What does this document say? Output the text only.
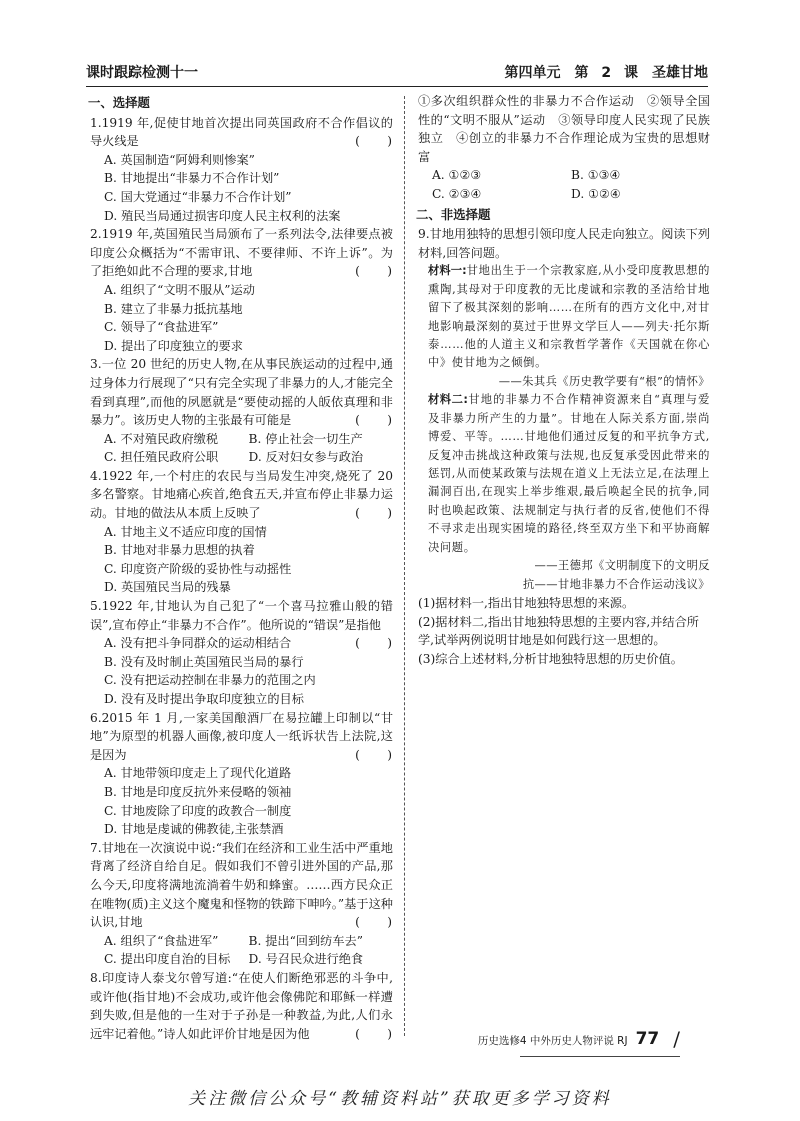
课时跟踪检测十一	第四单元　第 2 课　圣雄甘地
一、选择题
1.1919 年,促使甘地首次提出同英国政府不合作倡议的导火线是	(　　)
A. 英国制造“阿姆利则惨案”
B. 甘地提出“非暴力不合作计划”
C. 国大党通过“非暴力不合作计划”
D. 殖民当局通过损害印度人民主权利的法案
2.1919 年,英国殖民当局颁布了一系列法令,法律要点被印度公众概括为“不需审讯、不要律师、不许上诉”。为了拒绝如此不合理的要求,甘地	(　　)
A. 组织了“文明不服从”运动
B. 建立了非暴力抵抗基地
C. 领导了“食盐进军”
D. 提出了印度独立的要求
3.一位 20 世纪的历史人物,在从事民族运动的过程中,通过身体力行展现了“只有完全实现了非暴力的人,才能完全看到真理”,而他的夙愿就是“要使动摇的人皈依真理和非暴力”。该历史人物的主张最有可能是	(　　)
A. 不对殖民政府缴税	B. 停止社会一切生产
C. 担任殖民政府公职	D. 反对妇女参与政治
4.1922 年,一个村庄的农民与当局发生冲突,烧死了 20 多名警察。甘地痛心疾首,绝食五天,并宣布停止非暴力运动。甘地的做法从本质上反映了	(　　)
A. 甘地主义不适应印度的国情
B. 甘地对非暴力思想的执着
C. 印度资产阶级的妥协性与动摇性
D. 英国殖民当局的残暴
5.1922 年,甘地认为自己犯了“一个喜马拉雅山般的错误”,宣布停止“非暴力不合作”。他所说的“错误”是指他
(　　)
A. 没有把斗争同群众的运动相结合
B. 没有及时制止英国殖民当局的暴行
C. 没有把运动控制在非暴力的范围之内
D. 没有及时提出争取印度独立的目标
6.2015 年 1 月,一家美国酿酒厂在易拉罐上印制以“甘地”为原型的机器人画像,被印度人一纸诉状告上法院,这是因为	(　　)
A. 甘地带领印度走上了现代化道路
B. 甘地是印度反抗外来侵略的领袖
C. 甘地废除了印度的政教合一制度
D. 甘地是虔诚的佛教徒,主张禁酒
7.甘地在一次演说中说:“我们在经济和工业生活中严重地背离了经济自给自足。假如我们不曾引进外国的产品,那么今天,印度将满地流淌着牛奶和蜂蜜。……西方民众正在唯物(质)主义这个魔鬼和怪物的铁蹄下呻吟。”基于这种认识,甘地	(　　)
A. 组织了“食盐进军”	B. 提出“回到纺车去”
C. 提出印度自治的目标	D. 号召民众进行绝食
8.印度诗人泰戈尔曾写道:“在使人们断绝邪恶的斗争中,或许他(指甘地)不会成功,或许他会像佛陀和耶稣一样遭到失败,但是他的一生对于子孙是一种教益,为此,人们永远牢记着他。”诗人如此评价甘地是因为他	(　　)
①多次组织群众性的非暴力不合作运动　②领导全国性的“文明不服从”运动　③领导印度人民实现了民族独立　④创立的非暴力不合作理论成为宝贵的思想财富
A. ①②③	B. ①③④
C. ②③④	D. ①②④
二、非选择题
9.甘地用独特的思想引领印度人民走向独立。阅读下列材料,回答问题。
材料一:甘地出生于一个宗教家庭,从小受印度教思想的熏陶,其母对于印度教的无比虔诚和宗教的圣洁给甘地留下了极其深刻的影响……在所有的西方文化中,对甘地影响最深刻的莫过于世界文学巨人——列夫·托尔斯泰……他的人道主义和宗教哲学著作《天国就在你心中》使甘地为之倾倒。
——朱其兵《历史教学要有“根”的情怀》
材料二:甘地的非暴力不合作精神资源来自“真理与爱及非暴力所产生的力量”。甘地在人际关系方面,崇尚博爱、平等。……甘地他们通过反复的和平抗争方式,反复冲击挑战这种政策与法规,也反复承受因此带来的惩罚,从而使某政策与法规在道义上无法立足,在法理上漏洞百出,在现实上举步维艰,最后唤起全民的抗争,同时也唤起政策、法规制定与执行者的反省,使他们不得不寻求走出现实困境的路径,终至双方坐下和平协商解决问题。
——王德邦《文明制度下的文明反
抗——甘地非暴力不合作运动浅议》
(1)据材料一,指出甘地独特思想的来源。
(2)据材料二,指出甘地独特思想的主要内容,并结合所学,试举两例说明甘地是如何践行这一思想的。
(3)综合上述材料,分析甘地独特思想的历史价值。
历史选修4 中外历史人物评说 RJ 77 /
关注微信公众号“教辅资料站”获取更多学习资料
